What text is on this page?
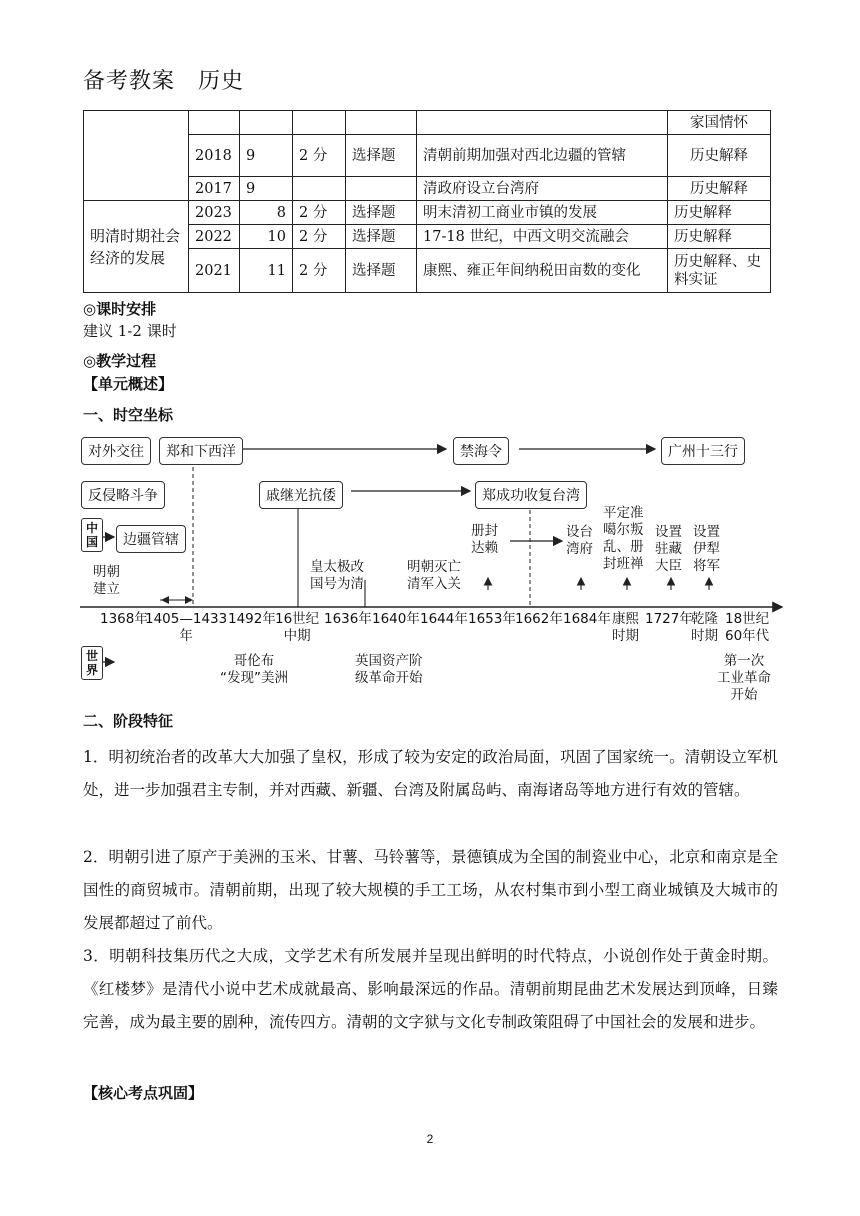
备考教案　历史
						家国情怀
	2018	9	2 分	选择题	清朝前期加强对西北边疆的管辖	历史解释
	2017	9			清政府设立台湾府	历史解释
明清时期社会经济的发展	2023	8	2 分	选择题	明末清初工商业市镇的发展	历史解释
	2022	10	2 分	选择题	17-18 世纪，中西文明交流融会	历史解释
	2021	11	2 分	选择题	康熙、雍正年间纳税田亩数的变化	历史解释、史料实证
◎课时安排
建议 1-2 课时
◎教学过程
【单元概述】
一、时空坐标
对外交往	郑和下西洋	禁海令	广州十三行
反侵略斗争	戚继光抗倭	郑成功收复台湾
边疆管辖
中国
世界
明朝
建立
皇太极改
国号为清
明朝灭亡
清军入关
册封
达赖
设台
湾府
平定准
噶尔叛
乱、册
封班禅
设置
驻藏
大臣
设置
伊犁
将军
1368年
1405—1433
年
1492年 16世纪
中期
1636年 1640年 1644年 1653年 1662年 1684年 康熙
时期
1727年
乾隆
时期
18世纪
60年代
哥伦布
“发现”美洲
英国资产阶
级革命开始
第一次
工业革命
开始
二、阶段特征
1．明初统治者的改革大大加强了皇权，形成了较为安定的政治局面，巩固了国家统一。清朝设立军机处，进一步加强君主专制，并对西藏、新疆、台湾及附属岛屿、南海诸岛等地方进行有效的管辖。
2．明朝引进了原产于美洲的玉米、甘薯、马铃薯等，景德镇成为全国的制瓷业中心，北京和南京是全国性的商贸城市。清朝前期，出现了较大规模的手工工场，从农村集市到小型工商业城镇及大城市的发展都超过了前代。
3．明朝科技集历代之大成，文学艺术有所发展并呈现出鲜明的时代特点，小说创作处于黄金时期。《红楼梦》是清代小说中艺术成就最高、影响最深远的作品。清朝前期昆曲艺术发展达到顶峰，日臻完善，成为最主要的剧种，流传四方。清朝的文字狱与文化专制政策阻碍了中国社会的发展和进步。
【核心考点巩固】
2
